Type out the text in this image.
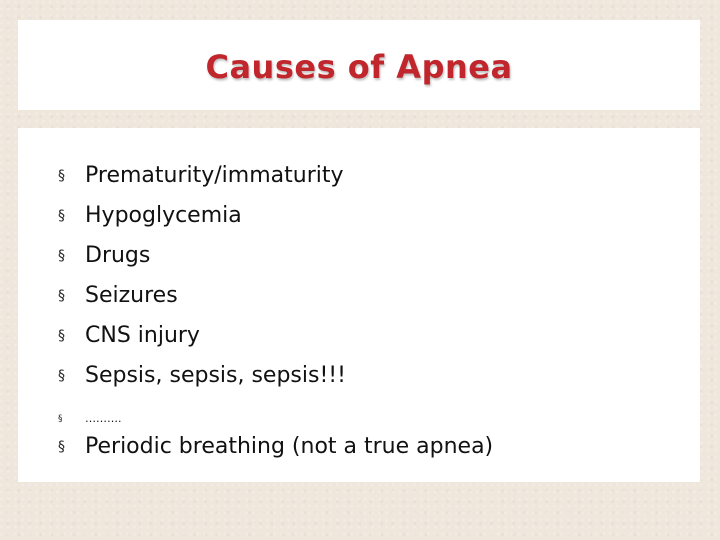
Causes of Apnea
§ Prematurity/immaturity
§ Hypoglycemia
§ Drugs
§ Seizures
§ CNS injury
§ Sepsis, sepsis, sepsis!!!
§	……….
§ Periodic breathing (not a true apnea)
